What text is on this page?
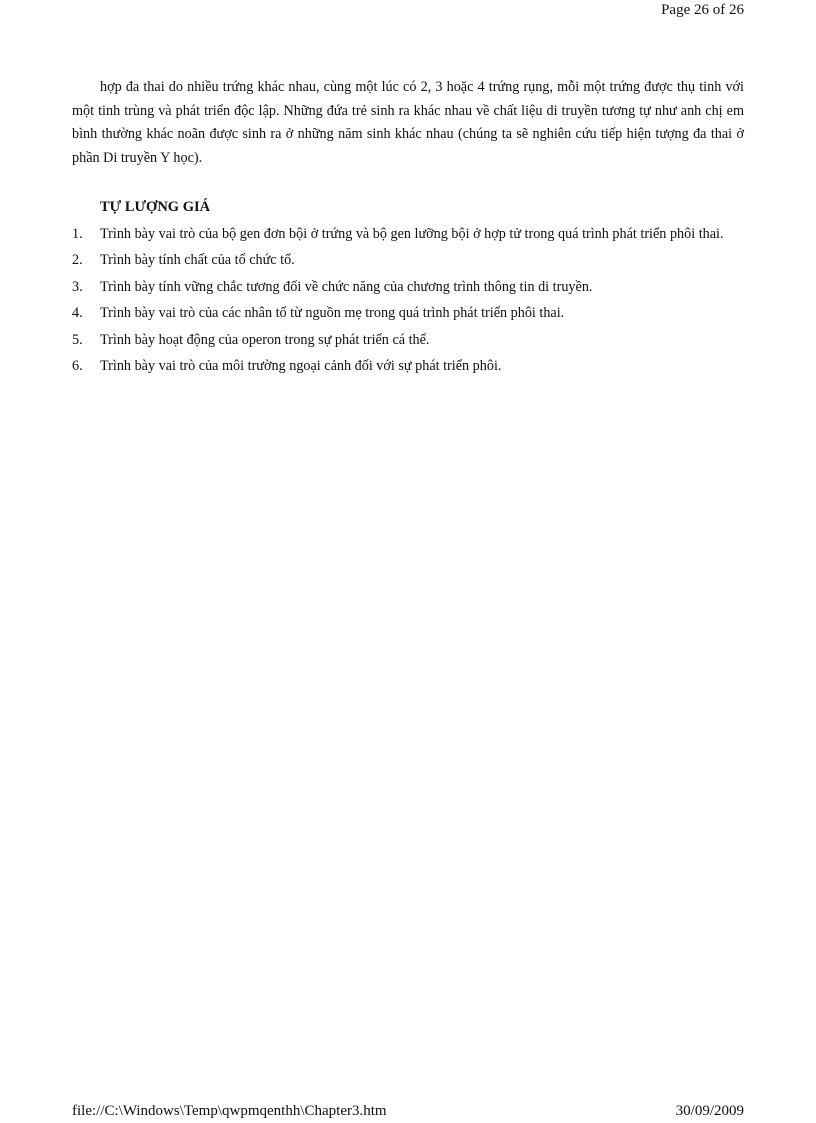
Page 26 of 26

hợp đa thai do nhiều trứng khác nhau, cùng một lúc có 2, 3 hoặc 4 trứng rụng, mỗi một trứng được thụ tinh với một tinh trùng và phát triển độc lập. Những đứa trẻ sinh ra khác nhau về chất liệu di truyền tương tự như anh chị em bình thường khác noãn được sinh ra ở những năm sinh khác nhau (chúng ta sẽ nghiên cứu tiếp hiện tượng đa thai ở phần Di truyền Y học).

TỰ LƯỢNG GIÁ
1. Trình bày vai trò của bộ gen đơn bội ở trứng và bộ gen lưỡng bội ở hợp tử trong quá trình phát triển phôi thai.
2. Trình bày tính chất của tổ chức tố.
3. Trình bày tính vững chắc tương đối về chức năng của chương trình thông tin di truyền.
4. Trình bày vai trò của các nhân tố từ nguồn mẹ trong quá trình phát triển phôi thai.
5. Trình bày hoạt động của operon trong sự phát triển cá thể.
6. Trình bày vai trò của môi trường ngoại cảnh đối với sự phát triển phôi.
file://C:\Windows\Temp\qwpmqenthh\Chapter3.htm	30/09/2009
